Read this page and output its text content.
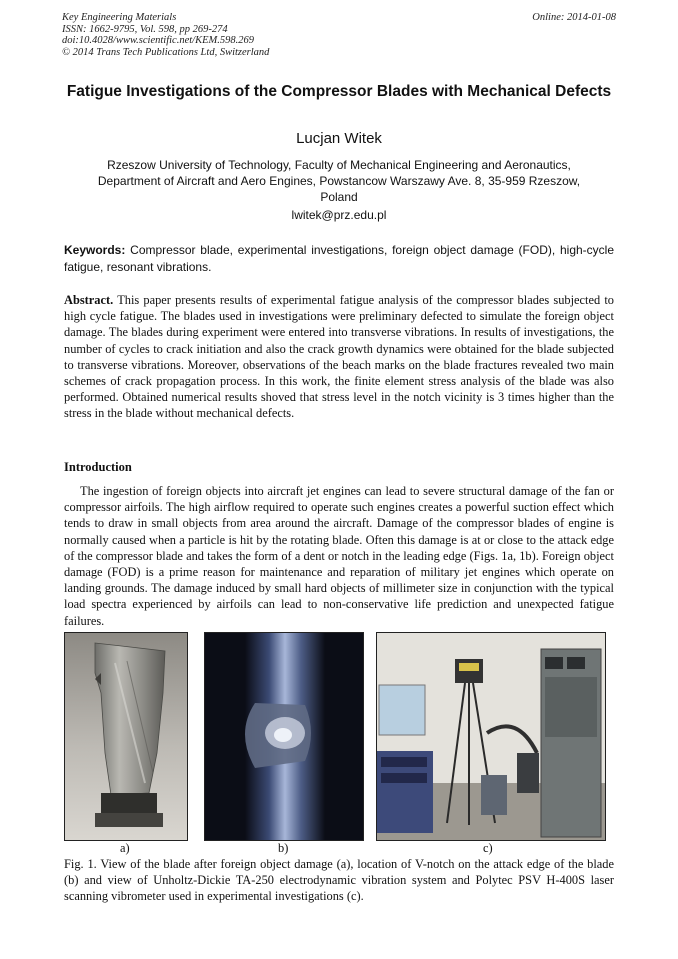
Key Engineering Materials
ISSN: 1662-9795, Vol. 598, pp 269-274
doi:10.4028/www.scientific.net/KEM.598.269
© 2014 Trans Tech Publications Ltd, Switzerland
Online: 2014-01-08
Fatigue Investigations of the Compressor Blades with Mechanical Defects
Lucjan Witek
Rzeszow University of Technology, Faculty of Mechanical Engineering and Aeronautics,
Department of Aircraft and Aero Engines, Powstancow Warszawy Ave. 8, 35-959 Rzeszow,
Poland
lwitek@prz.edu.pl
Keywords: Compressor blade, experimental investigations, foreign object damage (FOD), high-cycle fatigue, resonant vibrations.
Abstract. This paper presents results of experimental fatigue analysis of the compressor blades subjected to high cycle fatigue. The blades used in investigations were preliminary defected to simulate the foreign object damage. The blades during experiment were entered into transverse vibrations. In results of investigations, the number of cycles to crack initiation and also the crack growth dynamics were obtained for the blade subjected to transverse vibrations. Moreover, observations of the beach marks on the blade fractures revealed two main schemes of crack propagation process. In this work, the finite element stress analysis of the blade was also performed. Obtained numerical results shoved that stress level in the notch vicinity is 3 times higher than the stress in the blade without mechanical defects.
Introduction
The ingestion of foreign objects into aircraft jet engines can lead to severe structural damage of the fan or compressor airfoils. The high airflow required to operate such engines creates a powerful suction effect which tends to draw in small objects from area around the aircraft. Damage of the compressor blades of engine is normally caused when a particle is hit by the rotating blade. Often this damage is at or close to the attack edge of the compressor blade and takes the form of a dent or notch in the leading edge (Figs. 1a, 1b). Foreign object damage (FOD) is a prime reason for maintenance and reparation of military jet engines which operate on landing grounds. The damage induced by small hard objects of millimeter size in conjunction with the typical load spectra experienced by airfoils can lead to non-conservative life prediction and unexpected fatigue failures.
a)	b)	c)
Fig. 1. View of the blade after foreign object damage (a), location of V-notch on the attack edge of the blade (b) and view of Unholtz-Dickie TA-250 electrodynamic vibration system and Polytec PSV H-400S laser scanning vibrometer used in experimental investigations (c).
